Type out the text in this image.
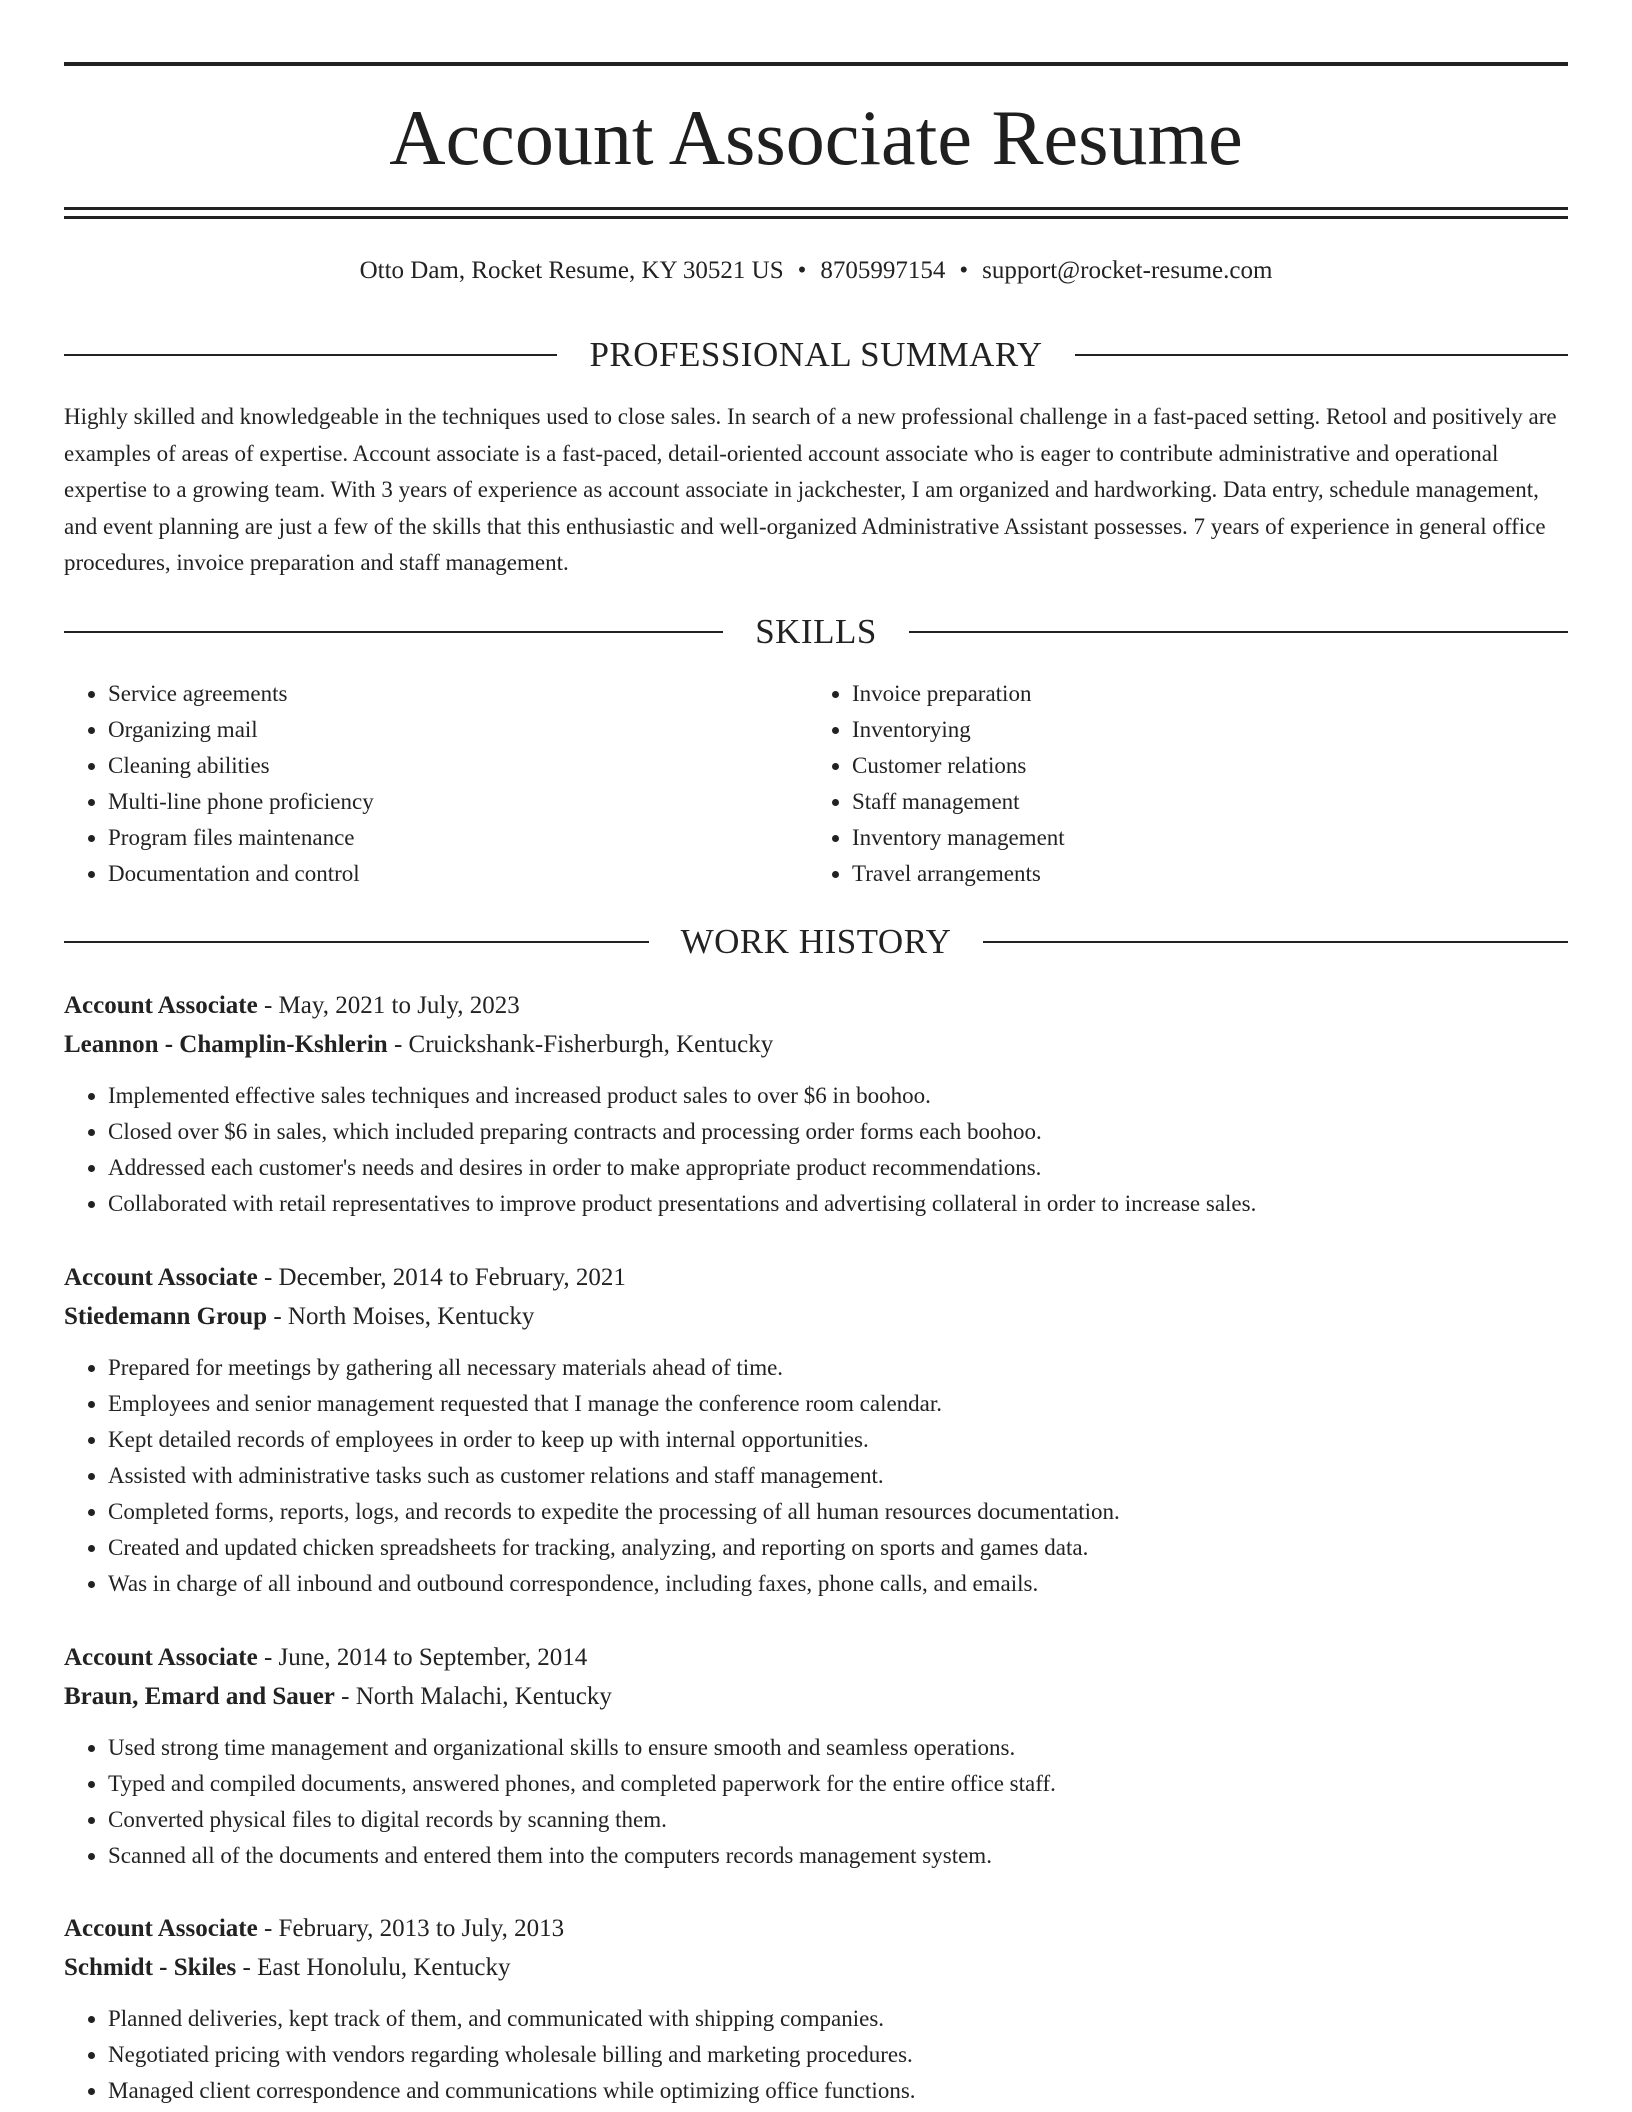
Account Associate Resume
Otto Dam, Rocket Resume, KY 30521 US • 8705997154 • support@rocket-resume.com
PROFESSIONAL SUMMARY
Highly skilled and knowledgeable in the techniques used to close sales. In search of a new professional challenge in a fast-paced setting. Retool and positively are examples of areas of expertise. Account associate is a fast-paced, detail-oriented account associate who is eager to contribute administrative and operational expertise to a growing team. With 3 years of experience as account associate in jackchester, I am organized and hardworking. Data entry, schedule management, and event planning are just a few of the skills that this enthusiastic and well-organized Administrative Assistant possesses. 7 years of experience in general office procedures, invoice preparation and staff management.
SKILLS
• Service agreements
• Organizing mail
• Cleaning abilities
• Multi-line phone proficiency
• Program files maintenance
• Documentation and control
• Invoice preparation
• Inventorying
• Customer relations
• Staff management
• Inventory management
• Travel arrangements
WORK HISTORY
Account Associate - May, 2021 to July, 2023
Leannon - Champlin-Kshlerin - Cruickshank-Fisherburgh, Kentucky
• Implemented effective sales techniques and increased product sales to over $6 in boohoo.
• Closed over $6 in sales, which included preparing contracts and processing order forms each boohoo.
• Addressed each customer's needs and desires in order to make appropriate product recommendations.
• Collaborated with retail representatives to improve product presentations and advertising collateral in order to increase sales.
Account Associate - December, 2014 to February, 2021
Stiedemann Group - North Moises, Kentucky
• Prepared for meetings by gathering all necessary materials ahead of time.
• Employees and senior management requested that I manage the conference room calendar.
• Kept detailed records of employees in order to keep up with internal opportunities.
• Assisted with administrative tasks such as customer relations and staff management.
• Completed forms, reports, logs, and records to expedite the processing of all human resources documentation.
• Created and updated chicken spreadsheets for tracking, analyzing, and reporting on sports and games data.
• Was in charge of all inbound and outbound correspondence, including faxes, phone calls, and emails.
Account Associate - June, 2014 to September, 2014
Braun, Emard and Sauer - North Malachi, Kentucky
• Used strong time management and organizational skills to ensure smooth and seamless operations.
• Typed and compiled documents, answered phones, and completed paperwork for the entire office staff.
• Converted physical files to digital records by scanning them.
• Scanned all of the documents and entered them into the computers records management system.
Account Associate - February, 2013 to July, 2013
Schmidt - Skiles - East Honolulu, Kentucky
• Planned deliveries, kept track of them, and communicated with shipping companies.
• Negotiated pricing with vendors regarding wholesale billing and marketing procedures.
• Managed client correspondence and communications while optimizing office functions.
